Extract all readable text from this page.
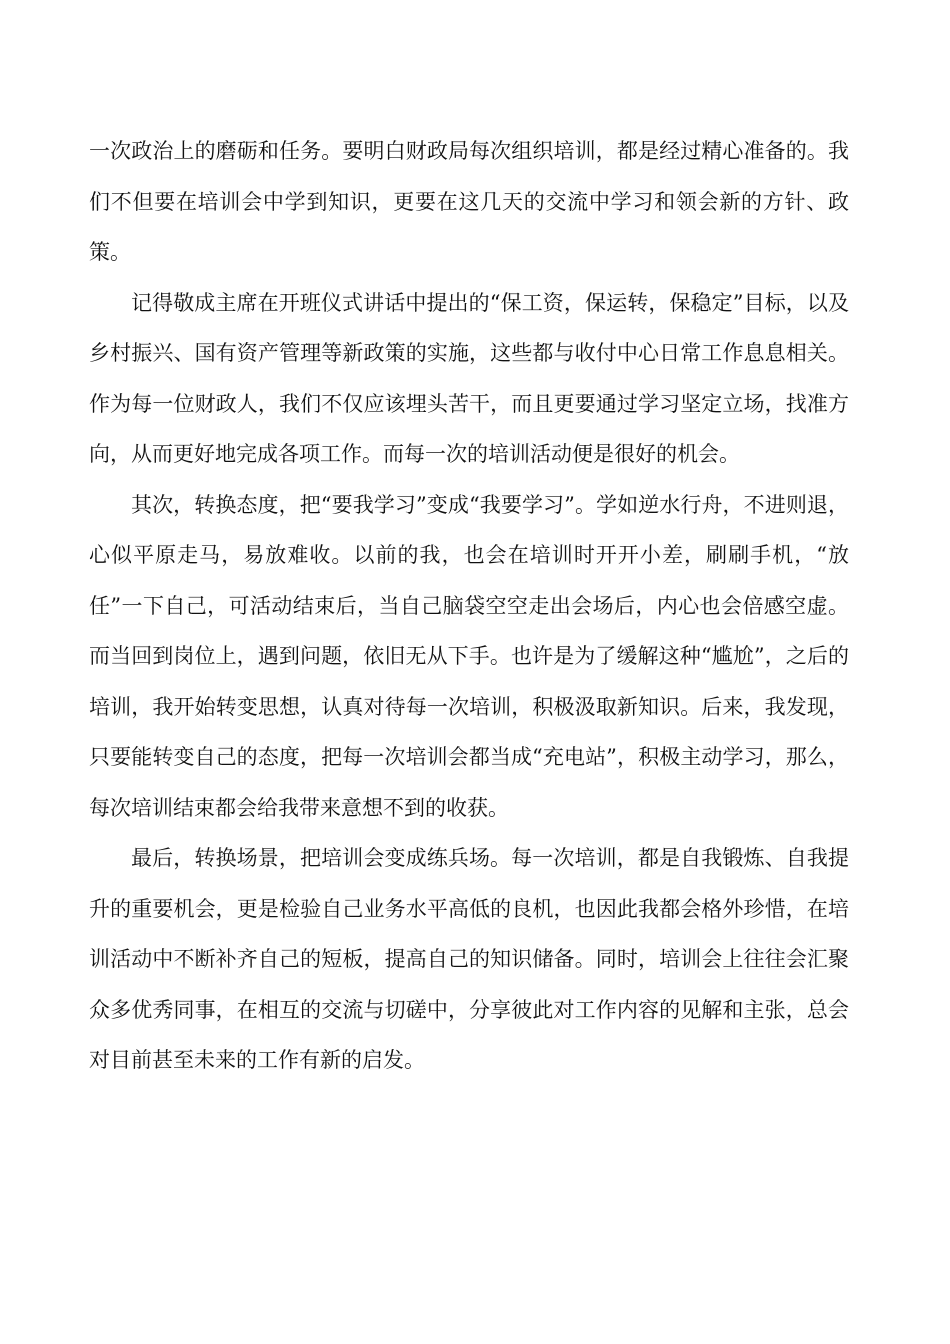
一次政治上的磨砺和任务。要明白财政局每次组织培训，都是经过精心准备的。我们不但要在培训会中学到知识，更要在这几天的交流中学习和领会新的方针、政策。

记得敬成主席在开班仪式讲话中提出的“保工资，保运转，保稳定”目标，以及乡村振兴、国有资产管理等新政策的实施，这些都与收付中心日常工作息息相关。作为每一位财政人，我们不仅应该埋头苦干，而且更要通过学习坚定立场，找准方向，从而更好地完成各项工作。而每一次的培训活动便是很好的机会。

其次，转换态度，把“要我学习”变成“我要学习”。学如逆水行舟，不进则退，心似平原走马，易放难收。以前的我，也会在培训时开开小差，刷刷手机，“放任”一下自己，可活动结束后，当自己脑袋空空走出会场后，内心也会倍感空虚。而当回到岗位上，遇到问题，依旧无从下手。也许是为了缓解这种“尴尬”，之后的培训，我开始转变思想，认真对待每一次培训，积极汲取新知识。后来，我发现，只要能转变自己的态度，把每一次培训会都当成“充电站”，积极主动学习，那么，每次培训结束都会给我带来意想不到的收获。

最后，转换场景，把培训会变成练兵场。每一次培训，都是自我锻炼、自我提升的重要机会，更是检验自己业务水平高低的良机，也因此我都会格外珍惜，在培训活动中不断补齐自己的短板，提高自己的知识储备。同时，培训会上往往会汇聚众多优秀同事，在相互的交流与切磋中，分享彼此对工作内容的见解和主张，总会对目前甚至未来的工作有新的启发。
